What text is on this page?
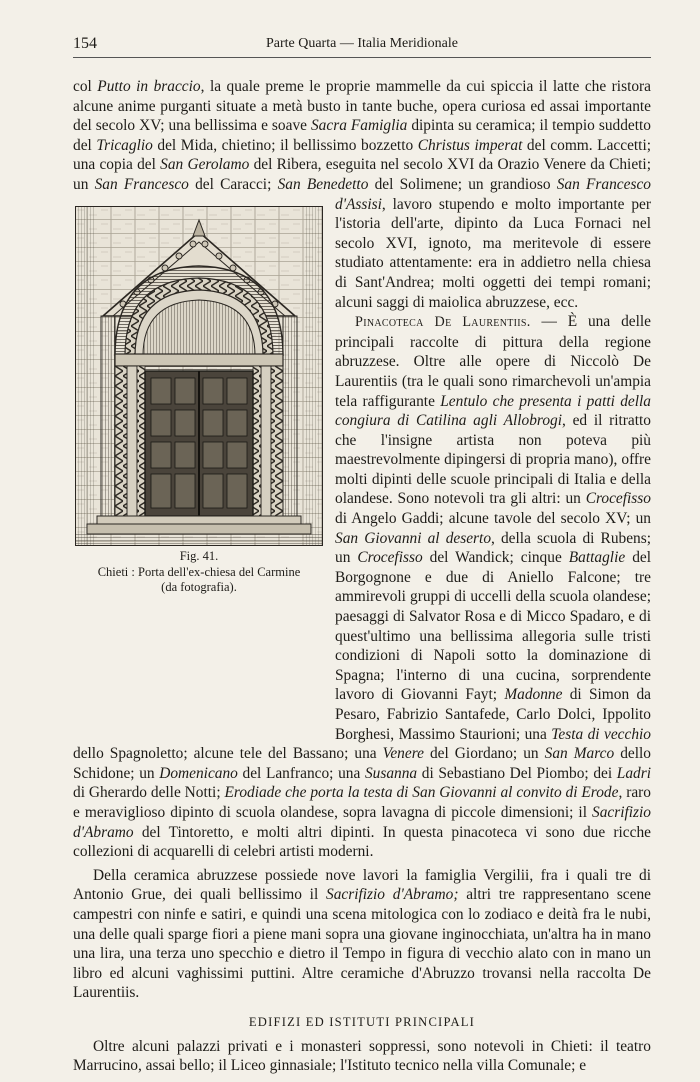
154	Parte Quarta — Italia Meridionale
Fig. 41.
Chieti : Porta dell'ex-chiesa del Carmine
(da fotografia).

col Putto in braccio, la quale preme le proprie mammelle da cui spiccia il latte che ristora alcune anime purganti situate a metà busto in tante buche, opera curiosa ed assai importante del secolo XV; una bellissima e soave Sacra Famiglia dipinta su ceramica; il tempio suddetto del Tricaglio del Mida, chietino; il bellissimo bozzetto Christus imperat del comm. Laccetti; una copia del San Gerolamo del Ribera, eseguita nel secolo XVI da Orazio Venere da Chieti; un San Francesco del Caracci; San Benedetto del Solimene; un grandioso San Francesco d'Assisi, lavoro stupendo e molto importante per l'istoria dell'arte, dipinto da Luca Fornaci nel secolo XVI, ignoto, ma meritevole di essere studiato attentamente: era in addietro nella chiesa di Sant'Andrea; molti oggetti dei tempi romani; alcuni saggi di maiolica abruzzese, ecc.

Pinacoteca De Laurentiis. — È una delle principali raccolte di pittura della regione abruzzese. Oltre alle opere di Niccolò De Laurentiis (tra le quali sono rimarchevoli un'ampia tela raffigurante Lentulo che presenta i patti della congiura di Catilina agli Allobrogi, ed il ritratto che l'insigne artista non poteva più maestrevolmente dipingersi di propria mano), offre molti dipinti delle scuole principali di Italia e della olandese. Sono notevoli tra gli altri: un Crocefisso di Angelo Gaddi; alcune tavole del secolo XV; un San Giovanni al deserto, della scuola di Rubens; un Crocefisso del Wandick; cinque Battaglie del Borgognone e due di Aniello Falcone; tre ammirevoli gruppi di uccelli della scuola olandese; paesaggi di Salvator Rosa e di Micco Spadaro, e di quest'ultimo una bellissima allegoria sulle tristi condizioni di Napoli sotto la dominazione di Spagna; l'interno di una cucina, sorprendente lavoro di Giovanni Fayt; Madonne di Simon da Pesaro, Fabrizio Santafede, Carlo Dolci, Ippolito Borghesi, Massimo Staurioni; una Testa di vecchio dello Spagnoletto; alcune tele del Bassano; una Venere del Giordano; un San Marco dello Schidone; un Domenicano del Lanfranco; una Susanna di Sebastiano Del Piombo; dei Ladri di Gherardo delle Notti; Erodiade che porta la testa di San Giovanni al convito di Erode, raro e meraviglioso dipinto di scuola olandese, sopra lavagna di piccole dimensioni; il Sacrifizio d'Abramo del Tintoretto, e molti altri dipinti. In questa pinacoteca vi sono due ricche collezioni di acquarelli di celebri artisti moderni.

Della ceramica abruzzese possiede nove lavori la famiglia Vergilii, fra i quali tre di Antonio Grue, dei quali bellissimo il Sacrifizio d'Abramo; altri tre rappresentano scene campestri con ninfe e satiri, e quindi una scena mitologica con lo zodiaco e deità fra le nubi, una delle quali sparge fiori a piene mani sopra una giovane inginocchiata, un'altra ha in mano una lira, una terza uno specchio e dietro il Tempo in figura di vecchio alato con in mano un libro ed alcuni vaghissimi puttini. Altre ceramiche d'Abruzzo trovansi nella raccolta De Laurentiis.

EDIFIZI ED ISTITUTI PRINCIPALI

Oltre alcuni palazzi privati e i monasteri soppressi, sono notevoli in Chieti: il teatro Marrucino, assai bello; il Liceo ginnasiale; l'Istituto tecnico nella villa Comunale; e
